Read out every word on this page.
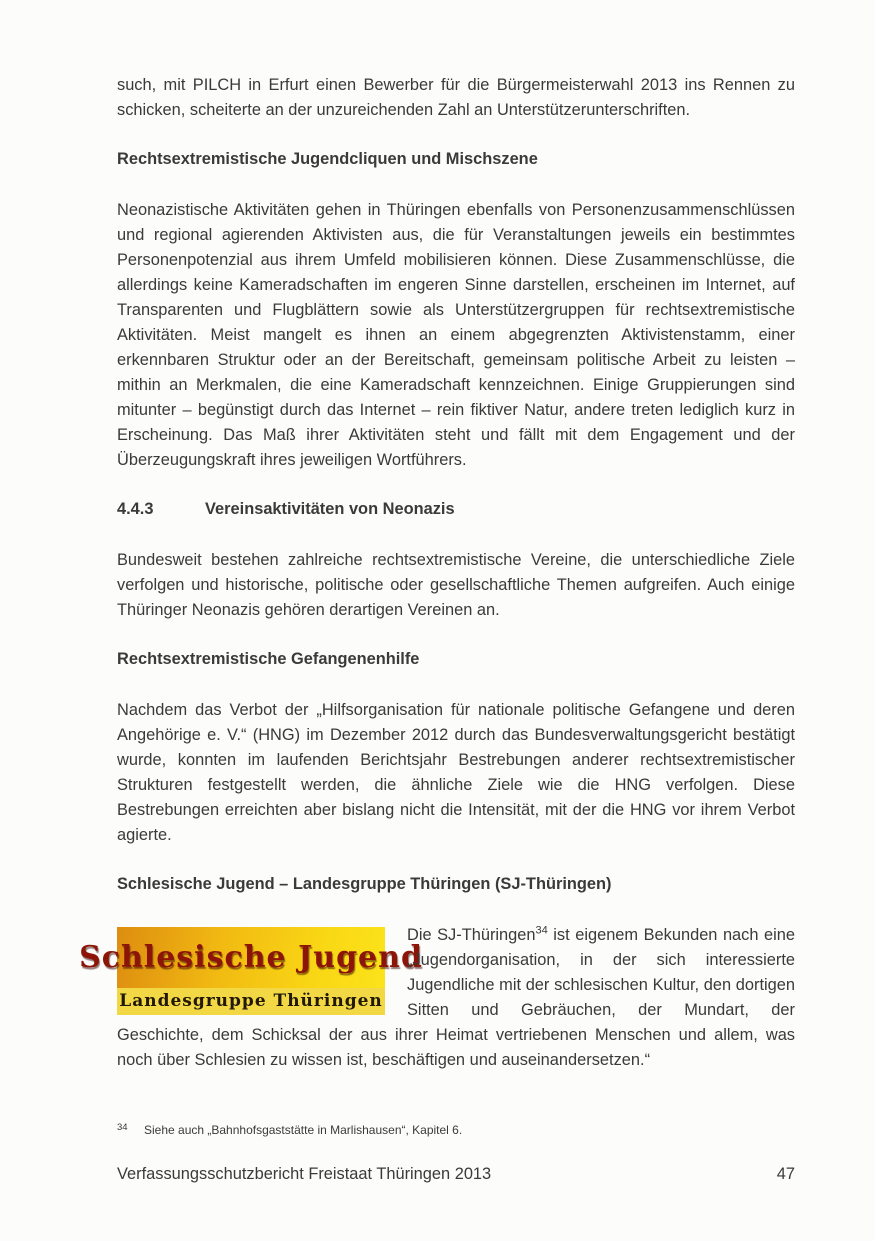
such, mit PILCH in Erfurt einen Bewerber für die Bürgermeisterwahl 2013 ins Rennen zu schicken, scheiterte an der unzureichenden Zahl an Unterstützerunterschriften.

Rechtsextremistische Jugendcliquen und Mischszene

Neonazistische Aktivitäten gehen in Thüringen ebenfalls von Personenzusammenschlüssen und regional agierenden Aktivisten aus, die für Veranstaltungen jeweils ein bestimmtes Personenpotenzial aus ihrem Umfeld mobilisieren können. Diese Zusammenschlüsse, die allerdings keine Kameradschaften im engeren Sinne darstellen, erscheinen im Internet, auf Transparenten und Flugblättern sowie als Unterstützergruppen für rechtsextremistische Aktivitäten. Meist mangelt es ihnen an einem abgegrenzten Aktivistenstamm, einer erkennbaren Struktur oder an der Bereitschaft, gemeinsam politische Arbeit zu leisten – mithin an Merkmalen, die eine Kameradschaft kennzeichnen. Einige Gruppierungen sind mitunter – begünstigt durch das Internet – rein fiktiver Natur, andere treten lediglich kurz in Erscheinung. Das Maß ihrer Aktivitäten steht und fällt mit dem Engagement und der Überzeugungskraft ihres jeweiligen Wortführers.

4.4.3	Vereinsaktivitäten von Neonazis

Bundesweit bestehen zahlreiche rechtsextremistische Vereine, die unterschiedliche Ziele verfolgen und historische, politische oder gesellschaftliche Themen aufgreifen. Auch einige Thüringer Neonazis gehören derartigen Vereinen an.

Rechtsextremistische Gefangenenhilfe

Nachdem das Verbot der „Hilfsorganisation für nationale politische Gefangene und deren Angehörige e. V.“ (HNG) im Dezember 2012 durch das Bundesverwaltungsgericht bestätigt wurde, konnten im laufenden Berichtsjahr Bestrebungen anderer rechtsextremistischer Strukturen festgestellt werden, die ähnliche Ziele wie die HNG verfolgen. Diese Bestrebungen erreichten aber bislang nicht die Intensität, mit der die HNG vor ihrem Verbot agierte.

Schlesische Jugend – Landesgruppe Thüringen (SJ-Thüringen)

Schlesische Jugend
Landesgruppe Thüringen
Die SJ-Thüringen$^{34}$ ist eigenem Bekunden nach eine „Jugendorganisation, in der sich interessierte Jugendliche mit der schlesischen Kultur, den dortigen Sitten und Gebräuchen, der Mundart, der Geschichte, dem Schicksal der aus ihrer Heimat vertriebenen Menschen und allem, was noch über Schlesien zu wissen ist, beschäftigen und auseinandersetzen.“

34 Siehe auch „Bahnhofsgaststätte in Marlishausen“, Kapitel 6.
Verfassungsschutzbericht Freistaat Thüringen 2013	47
